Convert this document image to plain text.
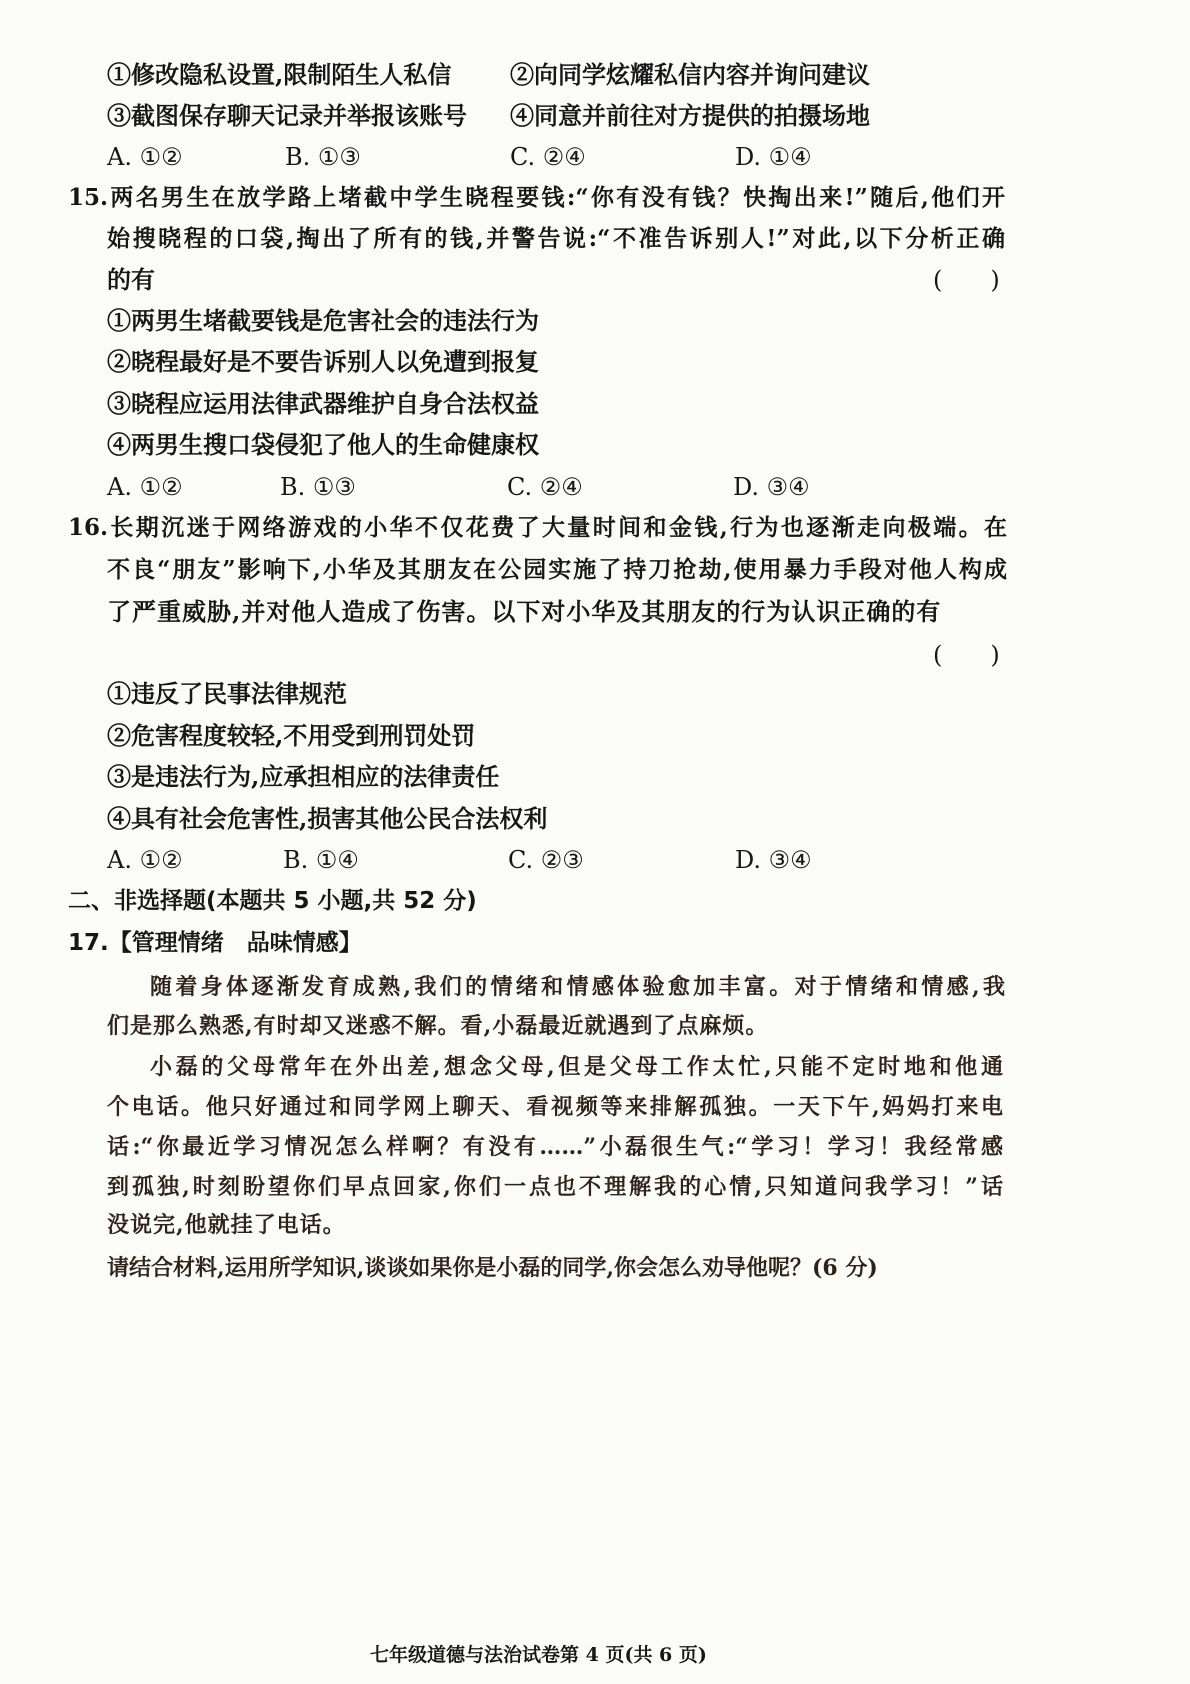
①修改隐私设置,限制陌生人私信 ②向同学炫耀私信内容并询问建议
③截图保存聊天记录并举报该账号 ④同意并前往对方提供的拍摄场地
A. ①②	B. ①③	C. ②④	D. ①④
15.两名男生在放学路上堵截中学生晓程要钱:“你有没有钱？快掏出来!”随后,他们开
始搜晓程的口袋,掏出了所有的钱,并警告说:“不准告诉别人!”对此,以下分析正确
的有	(　　)
①两男生堵截要钱是危害社会的违法行为
②晓程最好是不要告诉别人以免遭到报复
③晓程应运用法律武器维护自身合法权益
④两男生搜口袋侵犯了他人的生命健康权
A. ①②	B. ①③	C. ②④	D. ③④
16.长期沉迷于网络游戏的小华不仅花费了大量时间和金钱,行为也逐渐走向极端。在
不良“朋友”影响下,小华及其朋友在公园实施了持刀抢劫,使用暴力手段对他人构成
了严重威胁,并对他人造成了伤害。以下对小华及其朋友的行为认识正确的有
(　　)
①违反了民事法律规范
②危害程度较轻,不用受到刑罚处罚
③是违法行为,应承担相应的法律责任
④具有社会危害性,损害其他公民合法权利
A. ①②	B. ①④	C. ②③	D. ③④
二、非选择题(本题共 5 小题,共 52 分)
17.【管理情绪　品味情感】
随着身体逐渐发育成熟,我们的情绪和情感体验愈加丰富。对于情绪和情感,我
们是那么熟悉,有时却又迷惑不解。看,小磊最近就遇到了点麻烦。
小磊的父母常年在外出差,想念父母,但是父母工作太忙,只能不定时地和他通
个电话。他只好通过和同学网上聊天、看视频等来排解孤独。一天下午,妈妈打来电
话:“你最近学习情况怎么样啊？有没有……”小磊很生气:“学习！学习！我经常感
到孤独,时刻盼望你们早点回家,你们一点也不理解我的心情,只知道问我学习！”话
没说完,他就挂了电话。
请结合材料,运用所学知识,谈谈如果你是小磊的同学,你会怎么劝导他呢？(6 分)
七年级道德与法治试卷第 4 页(共 6 页)
